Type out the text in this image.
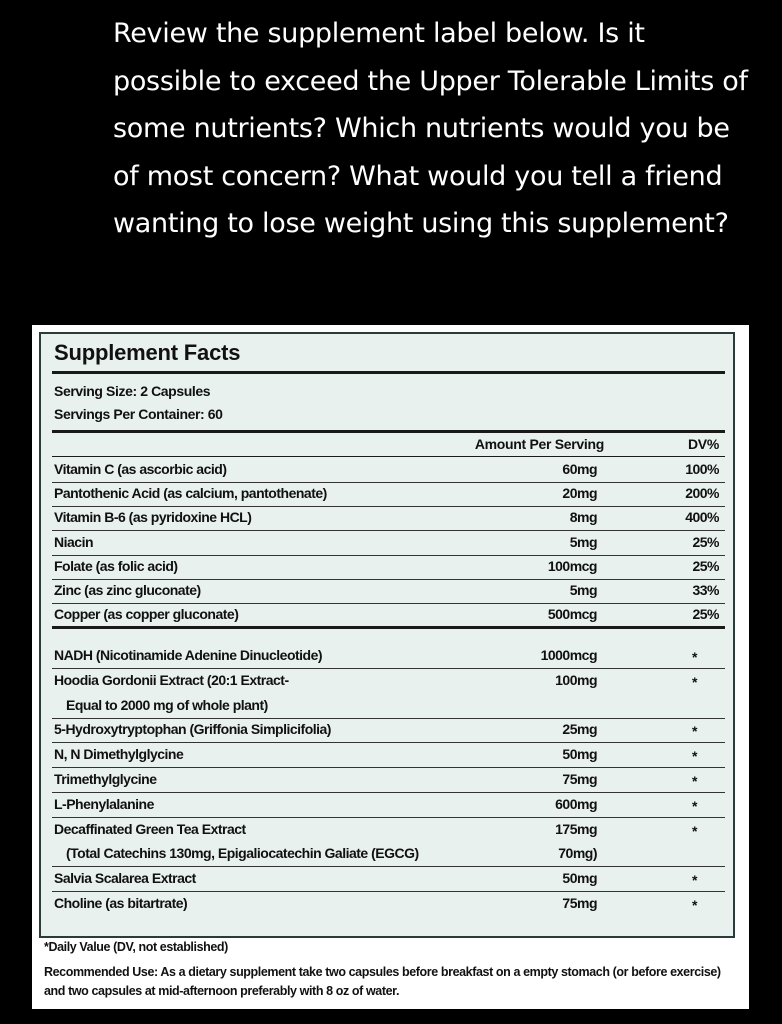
Review the supplement label below. Is it possible to exceed the Upper Tolerable Limits of some nutrients? Which nutrients would you be of most concern? What would you tell a friend wanting to lose weight using this supplement?
Supplement Facts
Serving Size: 2 Capsules
Servings Per Container: 60
Amount Per Serving	DV%
Vitamin C (as ascorbic acid)	60mg	100%
Pantothenic Acid (as calcium, pantothenate)	20mg	200%
Vitamin B-6 (as pyridoxine HCL)	8mg	400%
Niacin	5mg	25%
Folate (as folic acid)	100mcg	25%
Zinc (as zinc gluconate)	5mg	33%
Copper (as copper gluconate)	500mcg	25%
NADH (Nicotinamide Adenine Dinucleotide)	1000mcg	*
Hoodia Gordonii Extract (20:1 Extract-	100mg	*
Equal to 2000 mg of whole plant)
5-Hydroxytryptophan (Griffonia Simplicifolia)	25mg	*
N, N Dimethylglycine	50mg	*
Trimethylglycine	75mg	*
L-Phenylalanine	600mg	*
Decaffinated Green Tea Extract	175mg	*
(Total Catechins 130mg, Epigaliocatechin Galiate (EGCG)	70mg)
Salvia Scalarea Extract	50mg	*
Choline (as bitartrate)	75mg	*
*Daily Value (DV, not established)
Recommended Use: As a dietary supplement take two capsules before breakfast on a empty stomach (or before exercise) and two capsules at mid-afternoon preferably with 8 oz of water.
